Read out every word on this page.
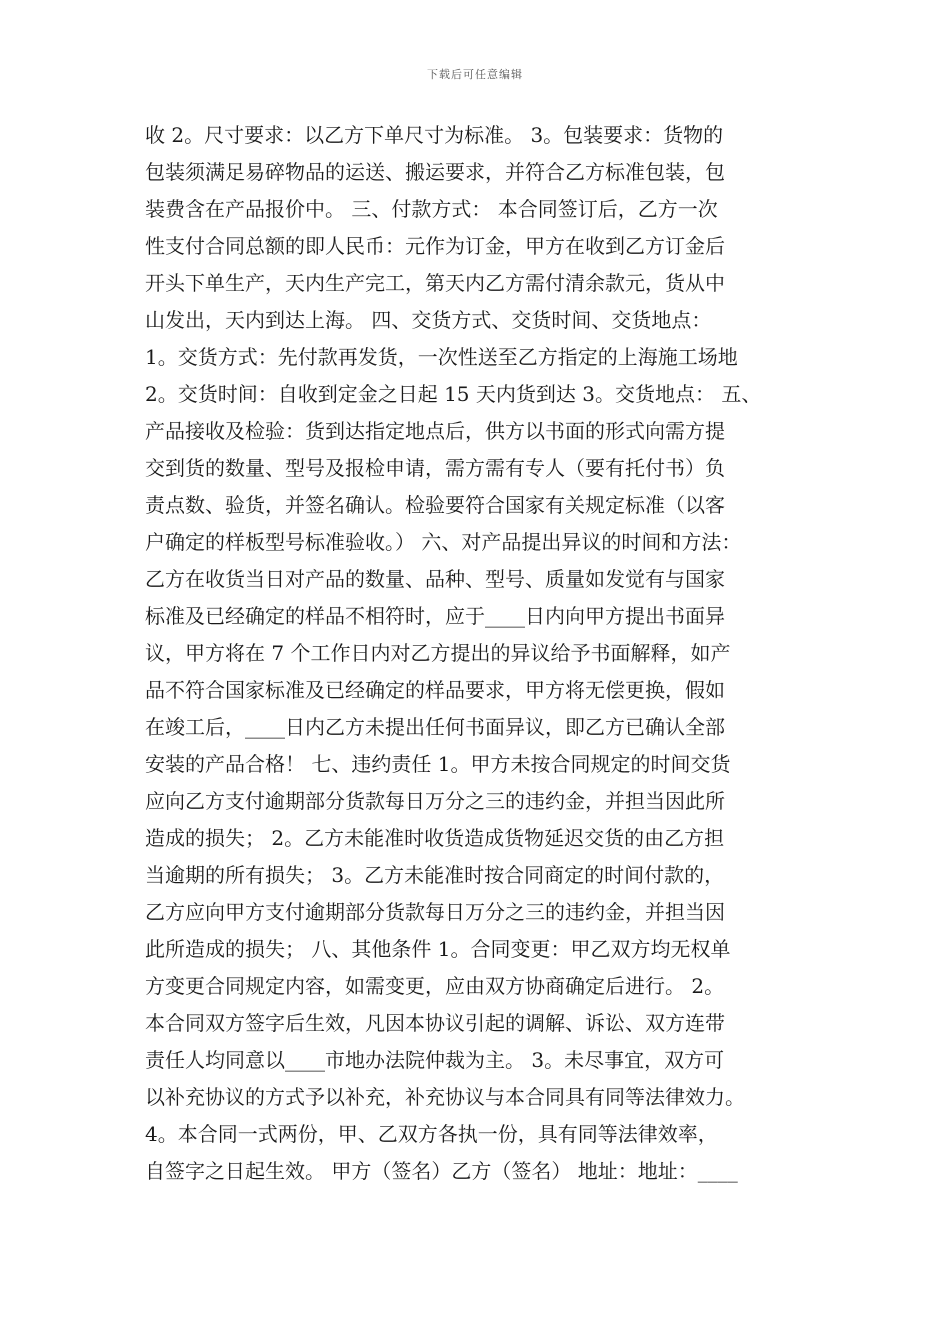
下载后可任意编辑
收 2。尺寸要求：以乙方下单尺寸为标准。 3。包装要求：货物的
包装须满足易碎物品的运送、搬运要求，并符合乙方标准包装，包
装费含在产品报价中。 三、付款方式： 本合同签订后，乙方一次
性支付合同总额的即人民币：元作为订金，甲方在收到乙方订金后
开头下单生产，天内生产完工，第天内乙方需付清余款元，货从中
山发出，天内到达上海。 四、交货方式、交货时间、交货地点：
1。交货方式：先付款再发货，一次性送至乙方指定的上海施工场地
2。交货时间：自收到定金之日起 15 天内货到达 3。交货地点： 五、
产品接收及检验：货到达指定地点后，供方以书面的形式向需方提
交到货的数量、型号及报检申请，需方需有专人（要有托付书）负
责点数、验货，并签名确认。检验要符合国家有关规定标准（以客
户确定的样板型号标准验收。） 六、对产品提出异议的时间和方法：
乙方在收货当日对产品的数量、品种、型号、质量如发觉有与国家
标准及已经确定的样品不相符时，应于____日内向甲方提出书面异
议，甲方将在 7 个工作日内对乙方提出的异议给予书面解释，如产
品不符合国家标准及已经确定的样品要求，甲方将无偿更换，假如
在竣工后，____日内乙方未提出任何书面异议，即乙方已确认全部
安装的产品合格！ 七、违约责任 1。甲方未按合同规定的时间交货
应向乙方支付逾期部分货款每日万分之三的违约金，并担当因此所
造成的损失； 2。乙方未能准时收货造成货物延迟交货的由乙方担
当逾期的所有损失； 3。乙方未能准时按合同商定的时间付款的，
乙方应向甲方支付逾期部分货款每日万分之三的违约金，并担当因
此所造成的损失； 八、其他条件 1。合同变更：甲乙双方均无权单
方变更合同规定内容，如需变更，应由双方协商确定后进行。 2。
本合同双方签字后生效，凡因本协议引起的调解、诉讼、双方连带
责任人均同意以____市地办法院仲裁为主。 3。未尽事宜，双方可
以补充协议的方式予以补充，补充协议与本合同具有同等法律效力。
4。本合同一式两份，甲、乙双方各执一份，具有同等法律效率，
自签字之日起生效。 甲方（签名）乙方（签名） 地址：地址：____
